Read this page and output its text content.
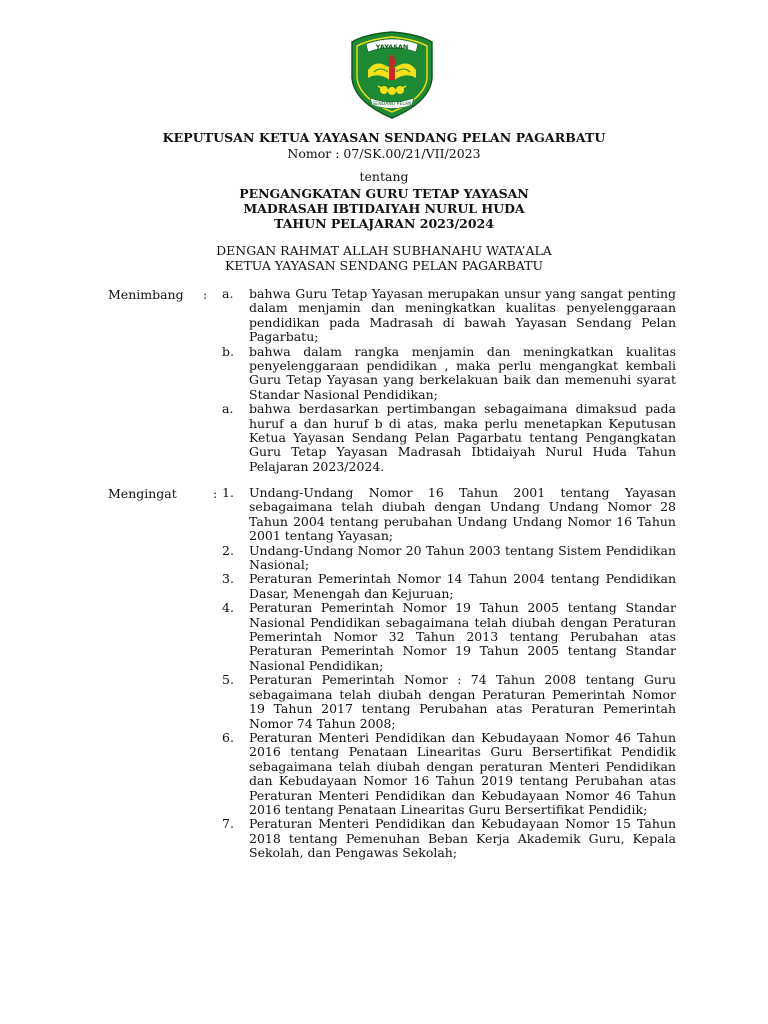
YAYASAN
SENDANG PELAN
KEPUTUSAN KETUA YAYASAN SENDANG PELAN PAGARBATU
Nomor : 07/SK.00/21/VII/2023
tentang
PENGANGKATAN GURU TETAP YAYASAN
MADRASAH IBTIDAIYAH NURUL HUDA
TAHUN PELAJARAN 2023/2024
DENGAN RAHMAT ALLAH SUBHANAHU WATA’ALA
KETUA YAYASAN SENDANG PELAN PAGARBATU
Menimbang : a. bahwa Guru Tetap Yayasan merupakan unsur yang sangat penting dalam menjamin dan meningkatkan kualitas penyelenggaraan pendidikan pada Madrasah di bawah Yayasan Sendang Pelan Pagarbatu;
b. bahwa dalam rangka menjamin dan meningkatkan kualitas penyelenggaraan pendidikan , maka perlu mengangkat kembali Guru Tetap Yayasan yang berkelakuan baik dan memenuhi syarat Standar Nasional Pendidikan;
a. bahwa berdasarkan pertimbangan sebagaimana dimaksud pada huruf a dan huruf b di atas, maka perlu menetapkan Keputusan Ketua Yayasan Sendang Pelan Pagarbatu tentang Pengangkatan Guru Tetap Yayasan Madrasah Ibtidaiyah Nurul Huda Tahun Pelajaran 2023/2024.
Mengingat	: 1. Undang-Undang Nomor 16 Tahun 2001 tentang Yayasan sebagaimana telah diubah dengan Undang Undang Nomor 28 Tahun 2004 tentang perubahan Undang Undang Nomor 16 Tahun 2001 tentang Yayasan;
2. Undang-Undang Nomor 20 Tahun 2003 tentang Sistem Pendidikan Nasional;
3. Peraturan Pemerintah Nomor 14 Tahun 2004 tentang Pendidikan Dasar, Menengah dan Kejuruan;
4. Peraturan Pemerintah Nomor 19 Tahun 2005 tentang Standar Nasional Pendidikan sebagaimana telah diubah dengan Peraturan Pemerintah Nomor 32 Tahun 2013 tentang Perubahan atas Peraturan Pemerintah Nomor 19 Tahun 2005 tentang Standar Nasional Pendidikan;
5. Peraturan Pemerintah Nomor : 74 Tahun 2008 tentang Guru sebagaimana telah diubah dengan Peraturan Pemerintah Nomor 19 Tahun 2017 tentang Perubahan atas Peraturan Pemerintah Nomor 74 Tahun 2008;
6. Peraturan Menteri Pendidikan dan Kebudayaan Nomor 46 Tahun 2016 tentang Penataan Linearitas Guru Bersertifikat Pendidik sebagaimana telah diubah dengan peraturan Menteri Pendidikan dan Kebudayaan Nomor 16 Tahun 2019 tentang Perubahan atas Peraturan Menteri Pendidikan dan Kebudayaan Nomor 46 Tahun 2016 tentang Penataan Linearitas Guru Bersertifikat Pendidik;
7. Peraturan Menteri Pendidikan dan Kebudayaan Nomor 15 Tahun 2018 tentang Pemenuhan Beban Kerja Akademik Guru, Kepala Sekolah, dan Pengawas Sekolah;
